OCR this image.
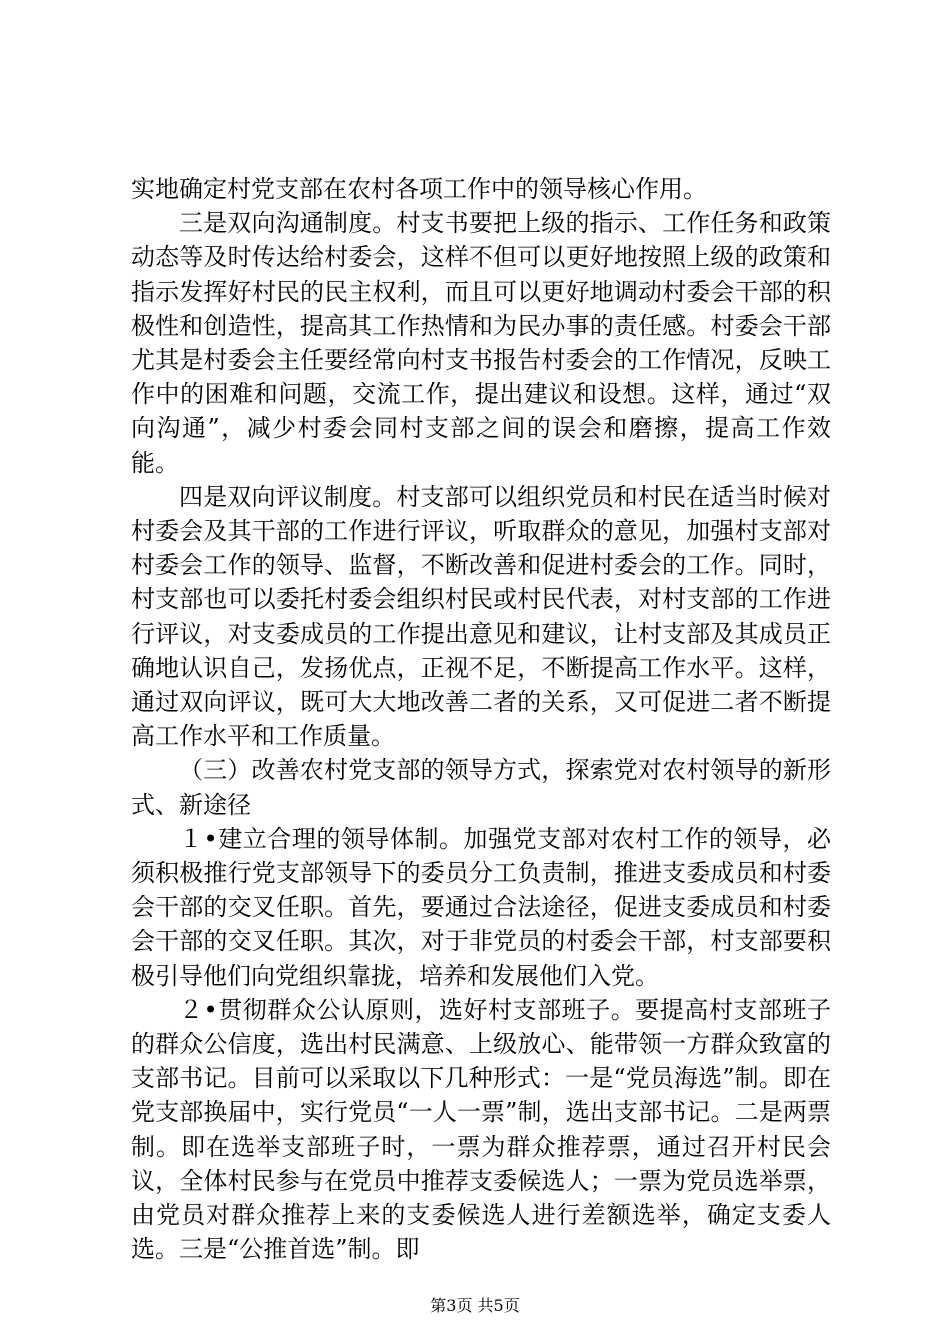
实地确定村党支部在农村各项工作中的领导核心作用。

三是双向沟通制度。村支书要把上级的指示、工作任务和政策动态等及时传达给村委会，这样不但可以更好地按照上级的政策和指示发挥好村民的民主权利，而且可以更好地调动村委会干部的积极性和创造性，提高其工作热情和为民办事的责任感。村委会干部尤其是村委会主任要经常向村支书报告村委会的工作情况，反映工作中的困难和问题，交流工作，提出建议和设想。这样，通过“双向沟通”，减少村委会同村支部之间的误会和磨擦，提高工作效能。

四是双向评议制度。村支部可以组织党员和村民在适当时候对村委会及其干部的工作进行评议，听取群众的意见，加强村支部对村委会工作的领导、监督，不断改善和促进村委会的工作。同时，村支部也可以委托村委会组织村民或村民代表，对村支部的工作进行评议，对支委成员的工作提出意见和建议，让村支部及其成员正确地认识自己，发扬优点，正视不足，不断提高工作水平。这样，通过双向评议，既可大大地改善二者的关系，又可促进二者不断提高工作水平和工作质量。

（三）改善农村党支部的领导方式，探索党对农村领导的新形式、新途径

１•建立合理的领导体制。加强党支部对农村工作的领导，必须积极推行党支部领导下的委员分工负责制，推进支委成员和村委会干部的交叉任职。首先，要通过合法途径，促进支委成员和村委会干部的交叉任职。其次，对于非党员的村委会干部，村支部要积极引导他们向党组织靠拢，培养和发展他们入党。

２•贯彻群众公认原则，选好村支部班子。要提高村支部班子的群众公信度，选出村民满意、上级放心、能带领一方群众致富的支部书记。目前可以采取以下几种形式：一是“党员海选”制。即在党支部换届中，实行党员“一人一票”制，选出支部书记。二是两票制。即在选举支部班子时，一票为群众推荐票，通过召开村民会议，全体村民参与在党员中推荐支委候选人；一票为党员选举票，由党员对群众推荐上来的支委候选人进行差额选举，确定支委人选。三是“公推首选”制。即

第3页 共5页
